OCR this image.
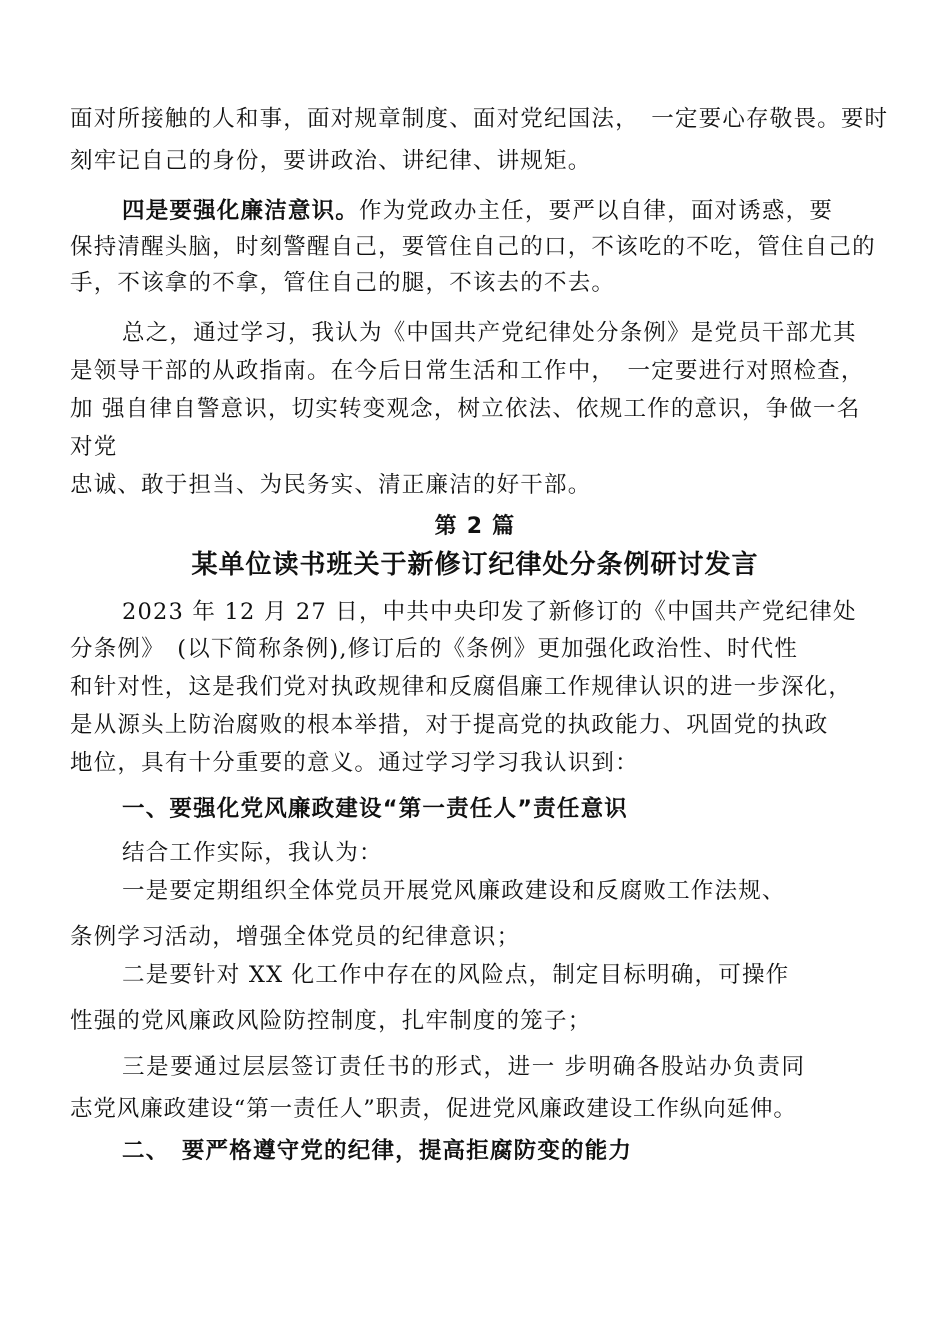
面对所接触的人和事，面对规章制度、面对党纪国法，　一定要心存敬畏。要时
刻牢记自己的身份，要讲政治、讲纪律、讲规矩。
四是要强化廉洁意识。作为党政办主任，要严以自律，面对诱惑，要
保持清醒头脑，时刻警醒自己，要管住自己的口，不该吃的不吃，管住自己的
手，不该拿的不拿，管住自己的腿，不该去的不去。
总之，通过学习，我认为《中国共产党纪律处分条例》是党员干部尤其
是领导干部的从政指南。在今后日常生活和工作中，　一定要进行对照检查，
加 强自律自警意识，切实转变观念，树立依法、依规工作的意识，争做一名
对党
忠诚、敢于担当、为民务实、清正廉洁的好干部。
第 2 篇
某单位读书班关于新修订纪律处分条例研讨发言
2023 年 12 月 27 日，中共中央印发了新修订的《中国共产党纪律处
分条例》　(以下简称条例),修订后的《条例》更加强化政治性、时代性
和针对性，这是我们党对执政规律和反腐倡廉工作规律认识的进一步深化，
是从源头上防治腐败的根本举措，对于提高党的执政能力、巩固党的执政
地位，具有十分重要的意义。通过学习学习我认识到：
一、要强化党风廉政建设“第一责任人”责任意识
结合工作实际，我认为：
一是要定期组织全体党员开展党风廉政建设和反腐败工作法规、
条例学习活动，增强全体党员的纪律意识；
二是要针对 XX 化工作中存在的风险点，制定目标明确，可操作
性强的党风廉政风险防控制度，扎牢制度的笼子；
三是要通过层层签订责任书的形式，进一 步明确各股站办负责同
志党风廉政建设“第一责任人”职责，促进党风廉政建设工作纵向延伸。
二、　要严格遵守党的纪律，提高拒腐防变的能力
